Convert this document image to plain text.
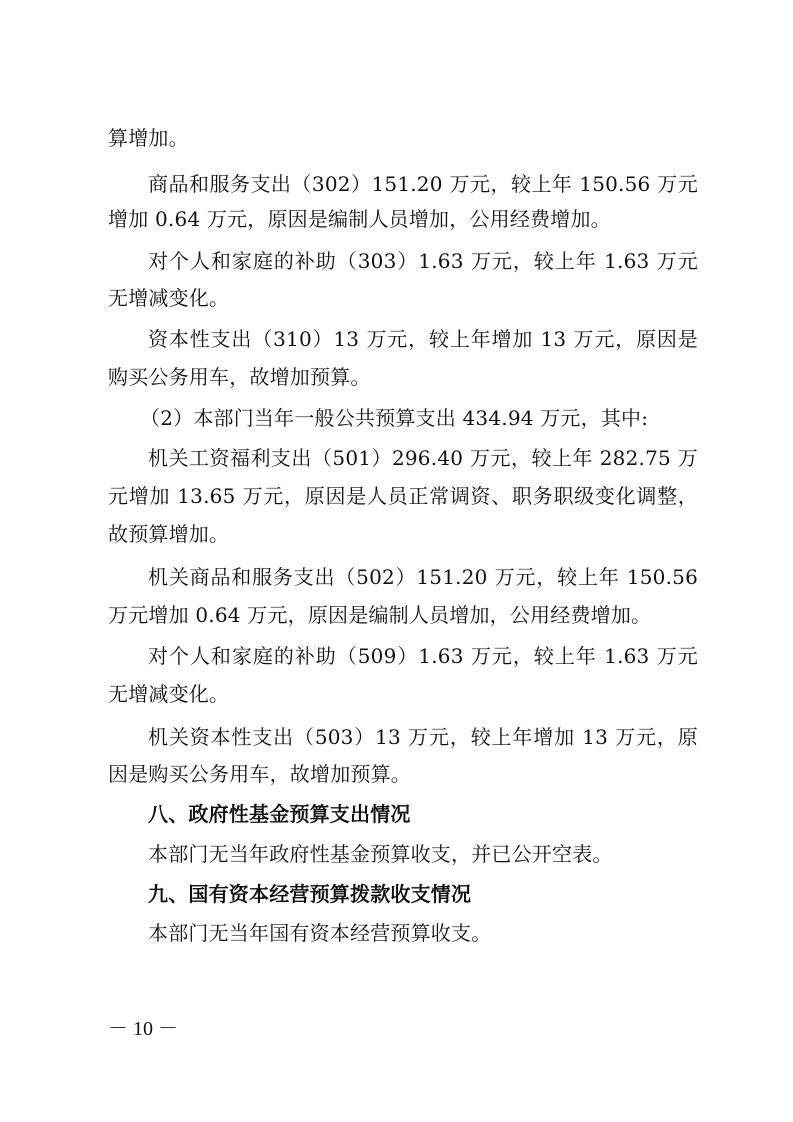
算增加。
商品和服务支出（302）151.20 万元，较上年 150.56 万元
增加 0.64 万元，原因是编制人员增加，公用经费增加。
对个人和家庭的补助（303）1.63 万元，较上年 1.63 万元
无增减变化。
资本性支出（310）13 万元，较上年增加 13 万元，原因是
购买公务用车，故增加预算。
（2）本部门当年一般公共预算支出 434.94 万元，其中:
机关工资福利支出（501）296.40 万元，较上年 282.75 万
元增加 13.65 万元，原因是人员正常调资、职务职级变化调整，
故预算增加。
机关商品和服务支出（502）151.20 万元，较上年 150.56
万元增加 0.64 万元，原因是编制人员增加，公用经费增加。
对个人和家庭的补助（509）1.63 万元，较上年 1.63 万元
无增减变化。
机关资本性支出（503）13 万元，较上年增加 13 万元，原
因是购买公务用车，故增加预算。
八、政府性基金预算支出情况
本部门无当年政府性基金预算收支，并已公开空表。
九、国有资本经营预算拨款收支情况
本部门无当年国有资本经营预算收支。
－ 10 －
